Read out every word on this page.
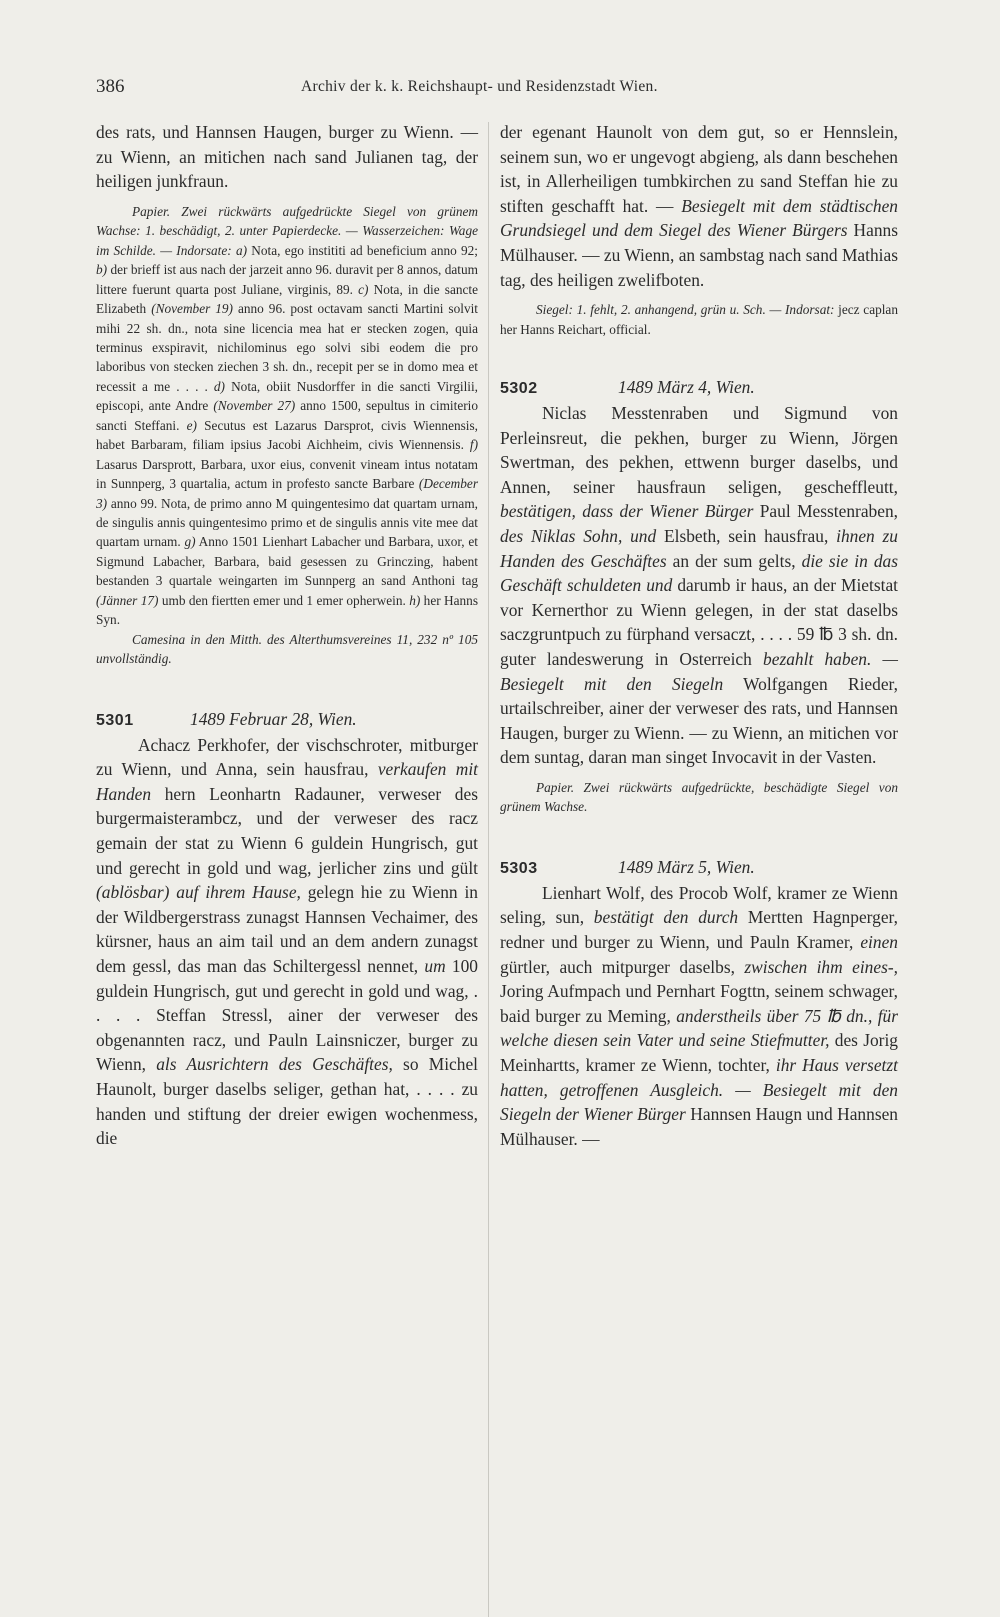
386	Archiv der k. k. Reichshaupt- und Residenzstadt Wien.

des rats, und Hannsen Haugen, burger zu Wienn. — zu Wienn, an mitichen nach sand Julianen tag, der heiligen junkfraun.

Papier. Zwei rückwärts aufgedrückte Siegel von grünem Wachse: 1. beschädigt, 2. unter Papierdecke. — Wasserzeichen: Wage im Schilde. — Indorsate: a) Nota, ego instititi ad beneficium anno 92; b) der brieff ist aus nach der jarzeit anno 96. duravit per 8 annos, datum littere fuerunt quarta post Juliane, virginis, 89. c) Nota, in die sancte Elizabeth (November 19) anno 96. post octavam sancti Martini solvit mihi 22 sh. dn., nota sine licencia mea hat er stecken zogen, quia terminus exspiravit, nichilominus ego solvi sibi eodem die pro laboribus von stecken ziechen 3 sh. dn., recepit per se in domo mea et recessit a me . . . . d) Nota, obiit Nusdorffer in die sancti Virgilii, episcopi, ante Andre (November 27) anno 1500, sepultus in cimiterio sancti Steffani. e) Secutus est Lazarus Darsprot, civis Wiennensis, habet Barbaram, filiam ipsius Jacobi Aichheim, civis Wiennensis. f) Lasarus Darsprott, Barbara, uxor eius, convenit vineam intus notatam in Sunnperg, 3 quartalia, actum in profesto sancte Barbare (December 3) anno 99. Nota, de primo anno M quingentesimo dat quartam urnam, de singulis annis quingentesimo primo et de singulis annis vite mee dat quartam urnam. g) Anno 1501 Lienhart Labacher und Barbara, uxor, et Sigmund Labacher, Barbara, baid gesessen zu Grinczing, habent bestanden 3 quartale weingarten im Sunnperg an sand Anthoni tag (Jänner 17) umb den fiertten emer und 1 emer opherwein. h) her Hanns Syn.

Camesina in den Mitth. des Alterthumsvereines 11, 232 nº 105 unvollständig.

5301	1489 Februar 28, Wien.

Achacz Perkhofer, der vischschroter, mitburger zu Wienn, und Anna, sein hausfrau, verkaufen mit Handen hern Leonhartn Radauner, verweser des burgermaisterambcz, und der verweser des racz gemain der stat zu Wienn 6 guldein Hungrisch, gut und gerecht in gold und wag, jerlicher zins und gült (ablösbar) auf ihrem Hause, gelegn hie zu Wienn in der Wildbergerstrass zunagst Hannsen Vechaimer, des kürsner, haus an aim tail und an dem andern zunagst dem gessl, das man das Schiltergessl nennet, um 100 guldein Hungrisch, gut und gerecht in gold und wag, . . . . Steffan Stressl, ainer der verweser des obgenannten racz, und Pauln Lainsniczer, burger zu Wienn, als Ausrichtern des Geschäftes, so Michel Haunolt, burger daselbs seliger, gethan hat, . . . . zu handen und stiftung der dreier ewigen wochenmess, die

der egenant Haunolt von dem gut, so er Hennslein, seinem sun, wo er ungevogt abgieng, als dann beschehen ist, in Allerheiligen tumbkirchen zu sand Steffan hie zu stiften geschafft hat. — Besiegelt mit dem städtischen Grundsiegel und dem Siegel des Wiener Bürgers Hanns Mülhauser. — zu Wienn, an sambstag nach sand Mathias tag, des heiligen zwelifboten.

Siegel: 1. fehlt, 2. anhangend, grün u. Sch. — Indorsat: jecz caplan her Hanns Reichart, official.

5302	1489 März 4, Wien.

Niclas Messtenraben und Sigmund von Perleinsreut, die pekhen, burger zu Wienn, Jörgen Swertman, des pekhen, ettwenn burger daselbs, und Annen, seiner hausfraun seligen, gescheffleutt, bestätigen, dass der Wiener Bürger Paul Messtenraben, des Niklas Sohn, und Elsbeth, sein hausfrau, ihnen zu Handen des Geschäftes an der sum gelts, die sie in das Geschäft schuldeten und darumb ir haus, an der Mietstat vor Kernerthor zu Wienn gelegen, in der stat daselbs saczgruntpuch zu fürphand versaczt, . . . . 59 ℔ 3 sh. dn. guter landeswerung in Osterreich bezahlt haben. — Besiegelt mit den Siegeln Wolfgangen Rieder, urtailschreiber, ainer der verweser des rats, und Hannsen Haugen, burger zu Wienn. — zu Wienn, an mitichen vor dem suntag, daran man singet Invocavit in der Vasten.

Papier. Zwei rückwärts aufgedrückte, beschädigte Siegel von grünem Wachse.

5303	1489 März 5, Wien.

Lienhart Wolf, des Procob Wolf, kramer ze Wienn seling, sun, bestätigt den durch Mertten Hagnperger, redner und burger zu Wienn, und Pauln Kramer, einen gürtler, auch mitpurger daselbs, zwischen ihm eines-, Joring Aufmpach und Pernhart Fogttn, seinem schwager, baid burger zu Meming, anderstheils über 75 ℔ dn., für welche diesen sein Vater und seine Stiefmutter, des Jorig Meinhartts, kramer ze Wienn, tochter, ihr Haus versetzt hatten, getroffenen Ausgleich. — Besiegelt mit den Siegeln der Wiener Bürger Hannsen Haugn und Hannsen Mülhauser. —
